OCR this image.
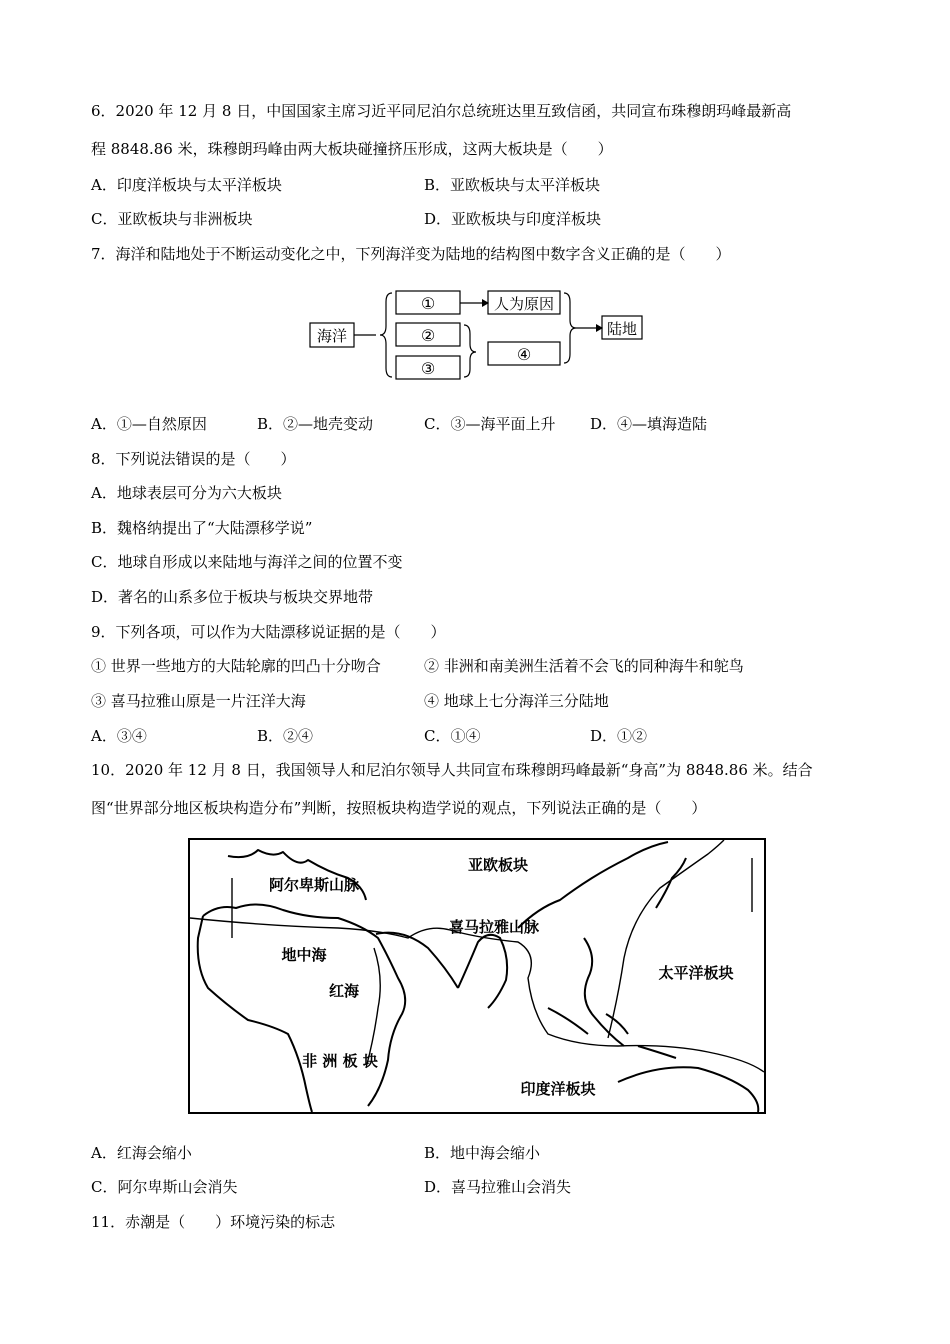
6．2020 年 12 月 8 日，中国国家主席习近平同尼泊尔总统班达里互致信函，共同宣布珠穆朗玛峰最新高
程 8848.86 米，珠穆朗玛峰由两大板块碰撞挤压形成，这两大板块是（　　）
A．印度洋板块与太平洋板块	B．亚欧板块与太平洋板块
C．亚欧板块与非洲板块	D．亚欧板块与印度洋板块
7．海洋和陆地处于不断运动变化之中，下列海洋变为陆地的结构图中数字含义正确的是（　　）
海洋
①
②
③
人为原因
④
陆地
A．①—自然原因	B．②—地壳变动	C．③—海平面上升 D．④—填海造陆
8．下列说法错误的是（　　）
A．地球表层可分为六大板块
B．魏格纳提出了“大陆漂移学说”
C．地球自形成以来陆地与海洋之间的位置不变
D．著名的山系多位于板块与板块交界地带
9．下列各项，可以作为大陆漂移说证据的是（　　）
① 世界一些地方的大陆轮廓的凹凸十分吻合	② 非洲和南美洲生活着不会飞的同种海牛和鸵鸟
③ 喜马拉雅山原是一片汪洋大海	④ 地球上七分海洋三分陆地
A．③④	B．②④	C．①④	D．①②
10．2020 年 12 月 8 日，我国领导人和尼泊尔领导人共同宣布珠穆朗玛峰最新“身高”为 8848.86 米。结合
图“世界部分地区板块构造分布”判断，按照板块构造学说的观点，下列说法正确的是（　　）
亚欧板块
阿尔卑斯山脉
喜马拉雅山脉
地中海
太平洋板块
红海
非 洲 板 块
印度洋板块
A．红海会缩小	B．地中海会缩小
C．阿尔卑斯山会消失	D．喜马拉雅山会消失
11．赤潮是（　　）环境污染的标志
